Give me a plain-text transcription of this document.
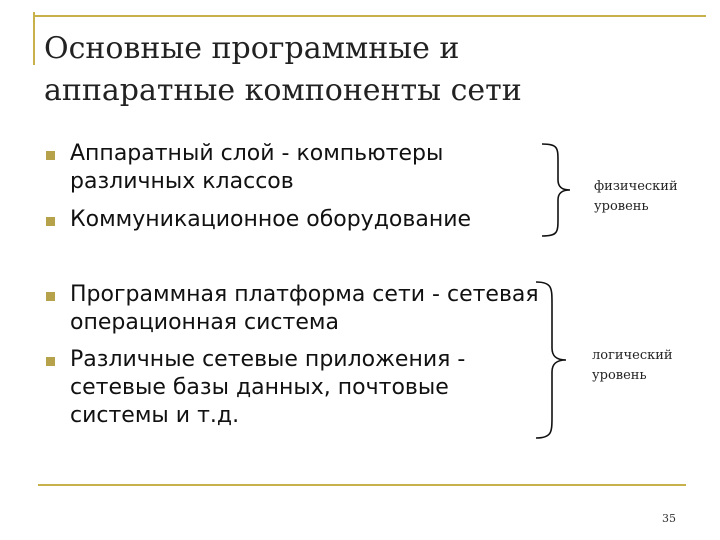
Основные программные и
аппаратные компоненты сети
Аппаратный слой - компьютеры
различных классов
Коммуникационное оборудование
Программная платформа сети - сетевая
операционная система
Различные сетевые приложения -
сетевые базы данных, почтовые
системы и т.д.
физический
уровень
логический
уровень
35
